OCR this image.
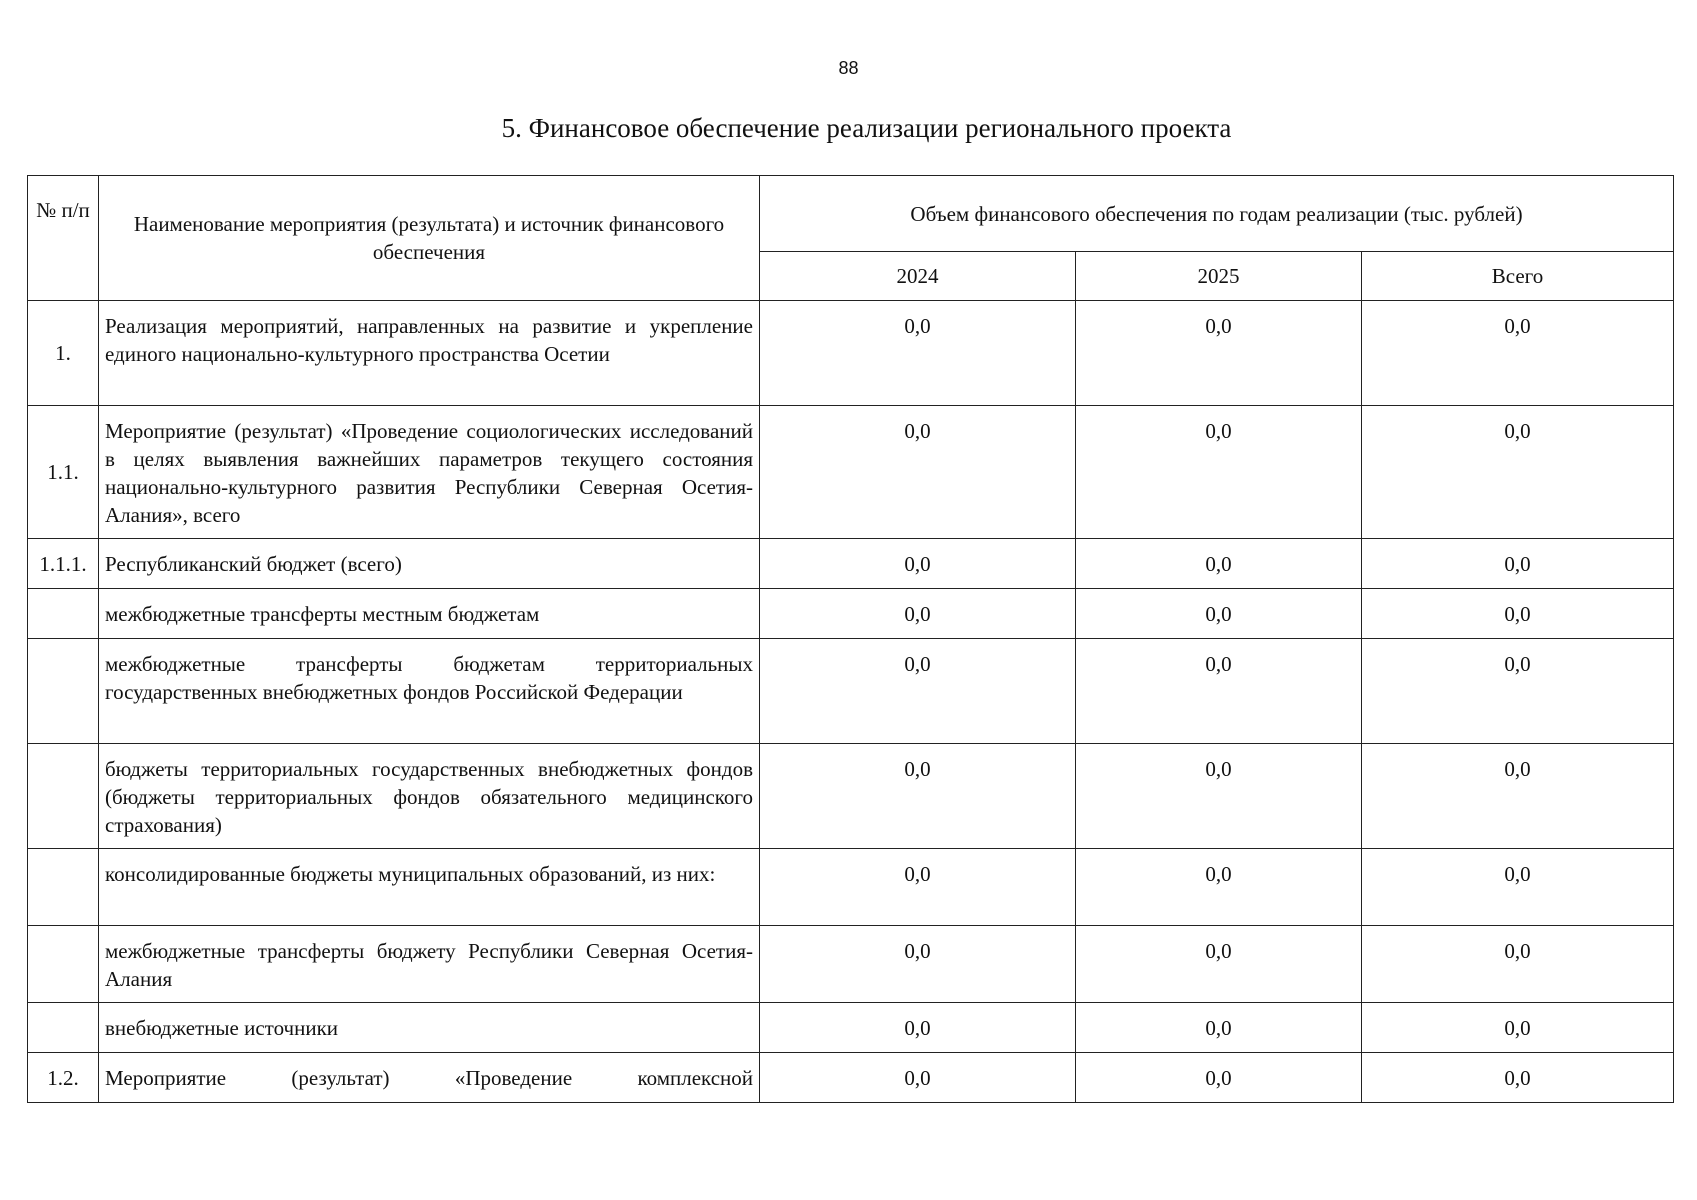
88
5. Финансовое обеспечение реализации регионального проекта
№ п/п	Наименование мероприятия (результата) и источник финансового обеспечения	Объем финансового обеспечения по годам реализации (тыс. рублей)		
		2024	2025	Всего
1.	Реализация мероприятий, направленных на развитие и укрепление единого национально-культурного пространства Осетии	0,0	0,0	0,0
1.1.	Мероприятие (результат) «Проведение социологических исследований в целях выявления важнейших параметров текущего состояния национально-культурного развития Республики Северная Осетия-Алания», всего	0,0	0,0	0,0
1.1.1.	Республиканский бюджет (всего)	0,0	0,0	0,0
	межбюджетные трансферты местным бюджетам	0,0	0,0	0,0
	межбюджетные трансферты бюджетам территориальных государственных внебюджетных фондов Российской Федерации	0,0	0,0	0,0
	бюджеты территориальных государственных внебюджетных фондов (бюджеты территориальных фондов обязательного медицинского страхования)	0,0	0,0	0,0
	консолидированные бюджеты муниципальных образований, из них:	0,0	0,0	0,0
	межбюджетные трансферты бюджету Республики Северная Осетия-Алания	0,0	0,0	0,0
	внебюджетные источники	0,0	0,0	0,0
1.2.	Мероприятие (результат) «Проведение комплексной	0,0	0,0	0,0
